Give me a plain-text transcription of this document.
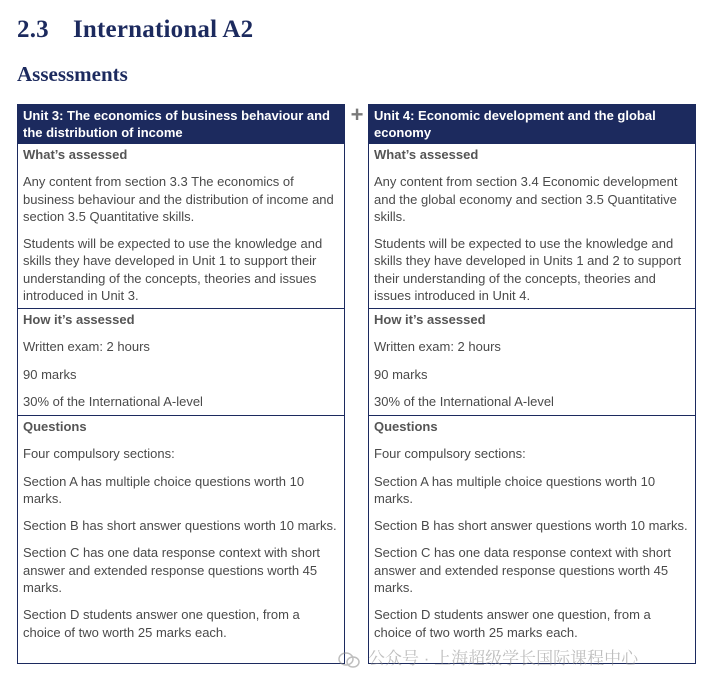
2.3 International A2
Assessments
Unit 3: The economics of business behaviour and the distribution of income
What’s assessed

Any content from section 3.3 The economics of business behaviour and the distribution of income and section 3.5 Quantitative skills.

Students will be expected to use the knowledge and skills they have developed in Unit 1 to support their understanding of the concepts, theories and issues introduced in Unit 3.

How it’s assessed

Written exam: 2 hours

90 marks

30% of the International A-level

Questions

Four compulsory sections:

Section A has multiple choice questions worth 10 marks.

Section B has short answer questions worth 10 marks.

Section C has one data response context with short answer and extended response questions worth 45 marks.

Section D students answer one question, from a choice of two worth 25 marks each.

+ Unit 4: Economic development and the global economy
What’s assessed

Any content from section 3.4 Economic development and the global economy and section 3.5 Quantitative skills.

Students will be expected to use the knowledge and skills they have developed in Units 1 and 2 to support their understanding of the concepts, theories and issues introduced in Unit 4.

How it’s assessed

Written exam: 2 hours

90 marks

30% of the International A-level

Questions

Four compulsory sections:

Section A has multiple choice questions worth 10 marks.

Section B has short answer questions worth 10 marks.

Section C has one data response context with short answer and extended response questions worth 45 marks.

Section D students answer one question, from a choice of two worth 25 marks each.

公众号 · 上海超级学长国际课程中心
